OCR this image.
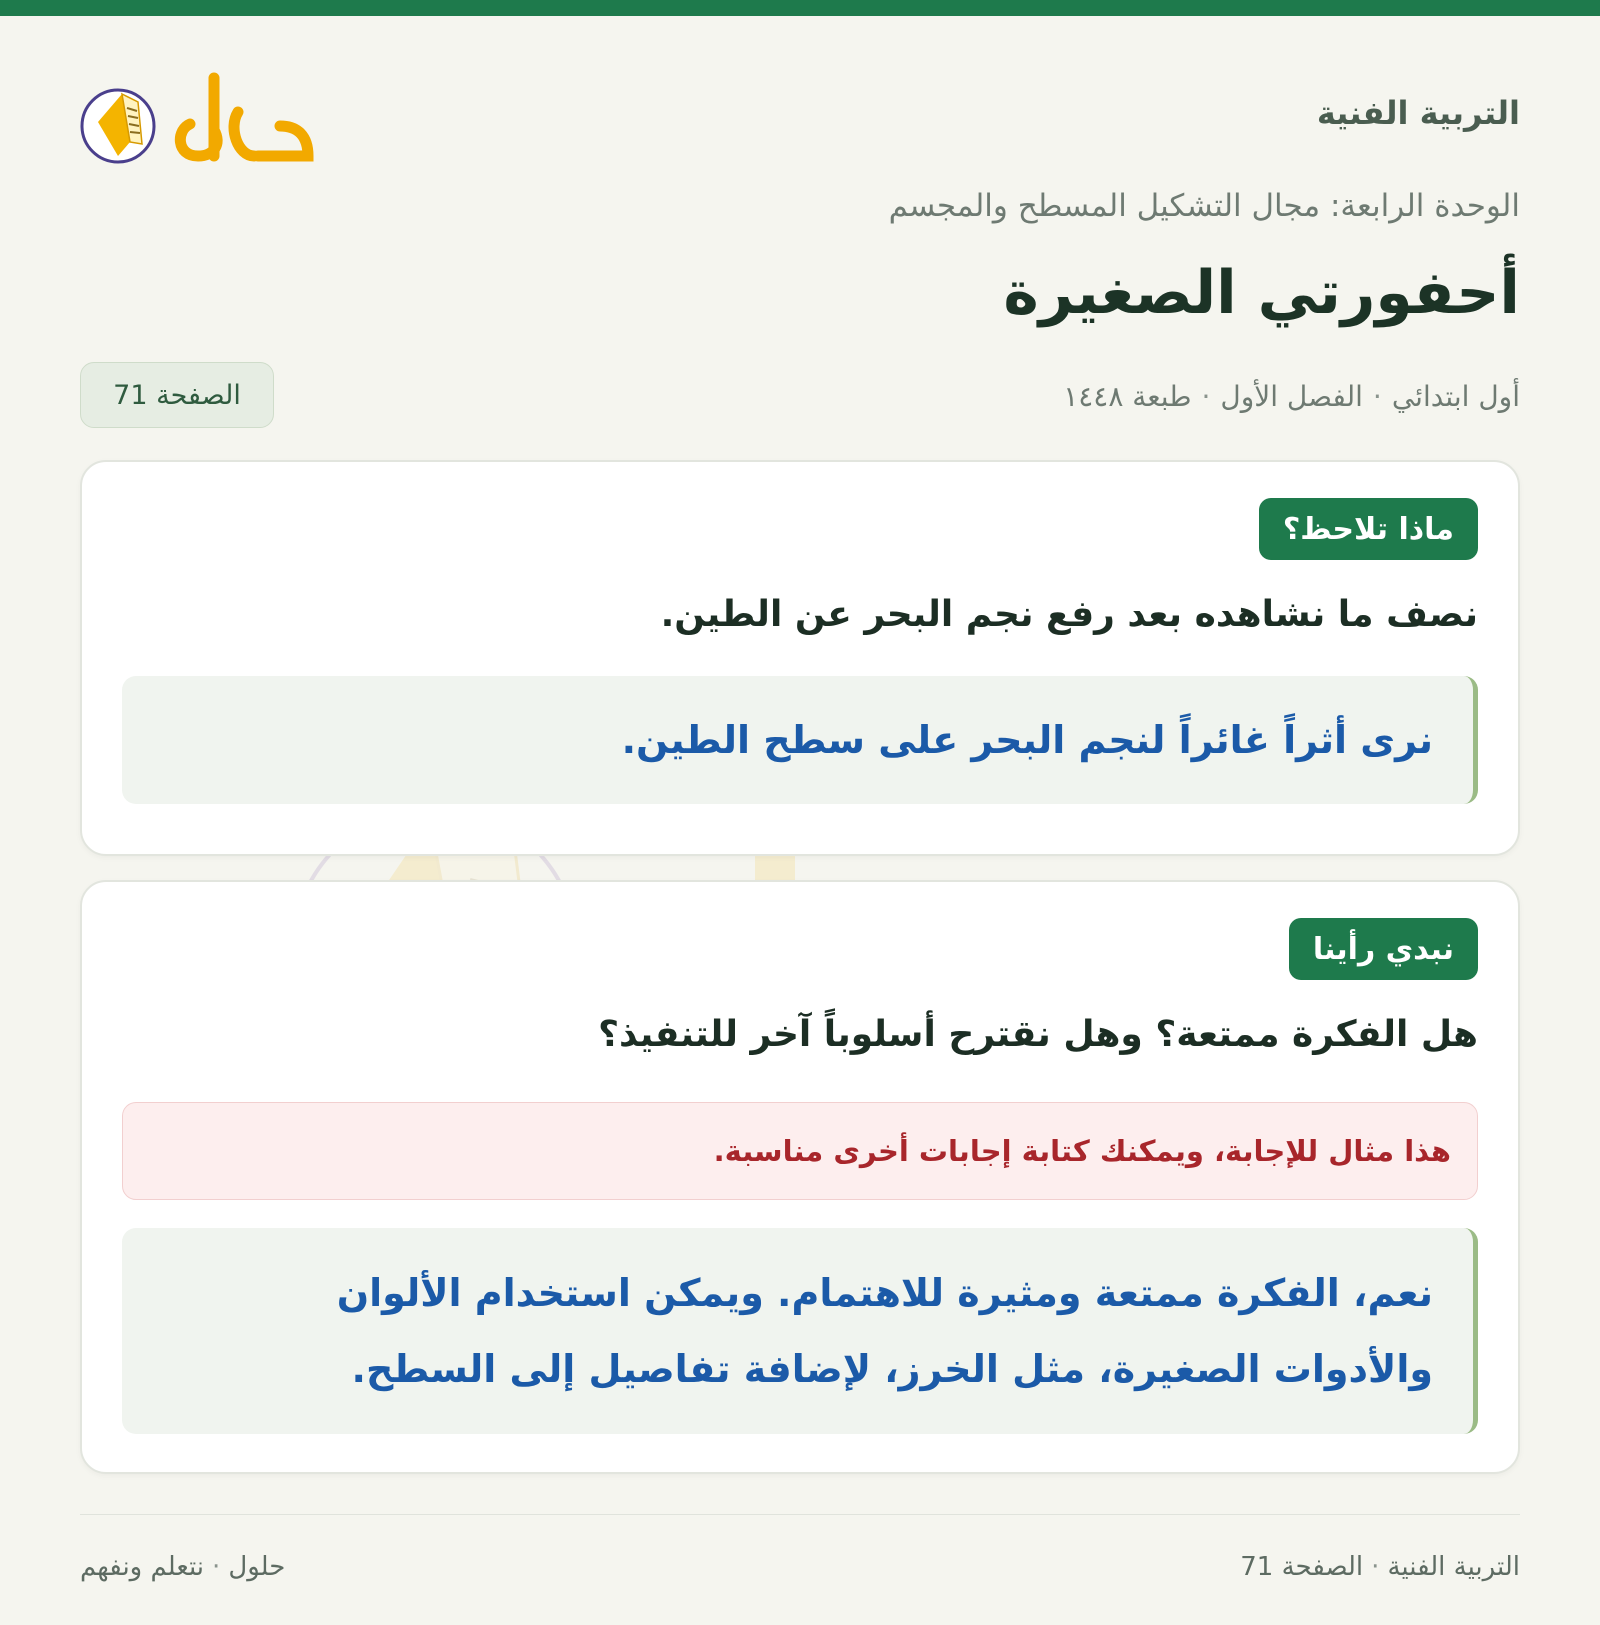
التربية الفنية
الوحدة الرابعة: مجال التشكيل المسطح والمجسم
أحفورتي الصغيرة
أول ابتدائي·الفصل الأول·طبعة ١٤٤٨
الصفحة 71
ماذا تلاحظ؟
نصف ما نشاهده بعد رفع نجم البحر عن الطين.
نرى أثراً غائراً لنجم البحر على سطح الطين.
نبدي رأينا
هل الفكرة ممتعة؟ وهل نقترح أسلوباً آخر للتنفيذ؟
هذا مثال للإجابة، ويمكنك كتابة إجابات أخرى مناسبة.
نعم، الفكرة ممتعة ومثيرة للاهتمام. ويمكن استخدام الألوان
والأدوات الصغيرة، مثل الخرز، لإضافة تفاصيل إلى السطح.
التربية الفنية·الصفحة 71
حلول·نتعلم ونفهم
